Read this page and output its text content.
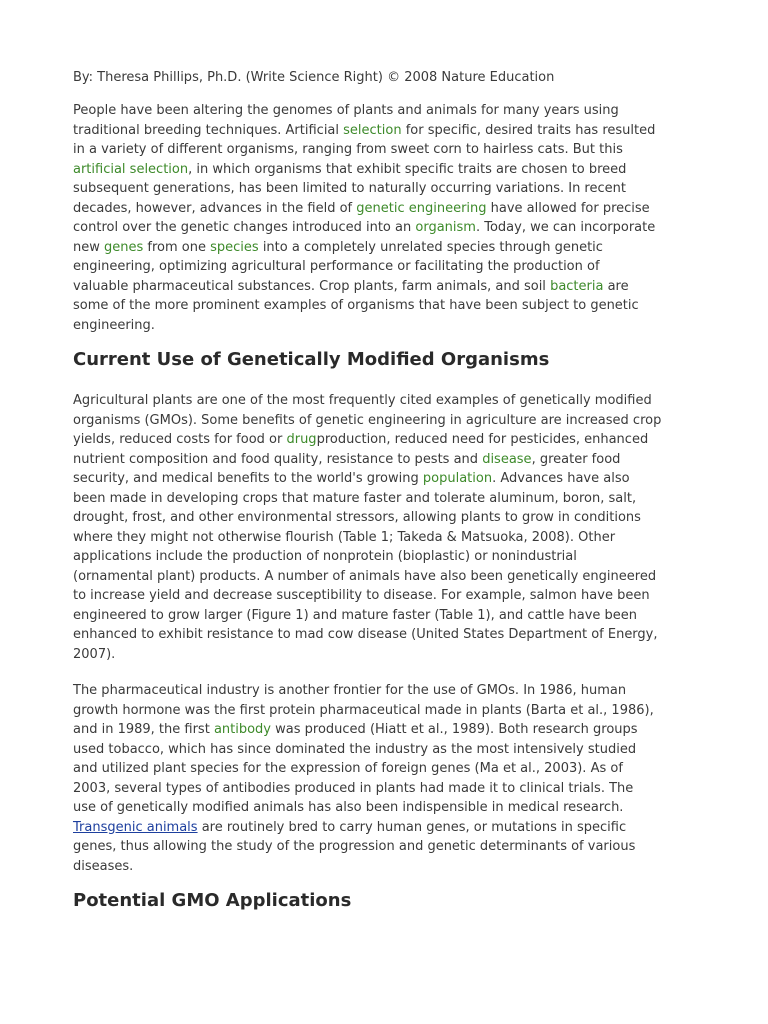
By: Theresa Phillips, Ph.D. (Write Science Right) © 2008 Nature Education
People have been altering the genomes of plants and animals for many years using
traditional breeding techniques. Artificial selection for specific, desired traits has resulted
in a variety of different organisms, ranging from sweet corn to hairless cats. But this
artificial selection, in which organisms that exhibit specific traits are chosen to breed
subsequent generations, has been limited to naturally occurring variations. In recent
decades, however, advances in the field of genetic engineering have allowed for precise
control over the genetic changes introduced into an organism. Today, we can incorporate
new genes from one species into a completely unrelated species through genetic
engineering, optimizing agricultural performance or facilitating the production of
valuable pharmaceutical substances. Crop plants, farm animals, and soil bacteria are
some of the more prominent examples of organisms that have been subject to genetic
engineering.
Current Use of Genetically Modified Organisms
Agricultural plants are one of the most frequently cited examples of genetically modified
organisms (GMOs). Some benefits of genetic engineering in agriculture are increased crop
yields, reduced costs for food or drugproduction, reduced need for pesticides, enhanced
nutrient composition and food quality, resistance to pests and disease, greater food
security, and medical benefits to the world's growing population. Advances have also
been made in developing crops that mature faster and tolerate aluminum, boron, salt,
drought, frost, and other environmental stressors, allowing plants to grow in conditions
where they might not otherwise flourish (Table 1; Takeda & Matsuoka, 2008). Other
applications include the production of nonprotein (bioplastic) or nonindustrial
(ornamental plant) products. A number of animals have also been genetically engineered
to increase yield and decrease susceptibility to disease. For example, salmon have been
engineered to grow larger (Figure 1) and mature faster (Table 1), and cattle have been
enhanced to exhibit resistance to mad cow disease (United States Department of Energy,
2007).
The pharmaceutical industry is another frontier for the use of GMOs. In 1986, human
growth hormone was the first protein pharmaceutical made in plants (Barta et al., 1986),
and in 1989, the first antibody was produced (Hiatt et al., 1989). Both research groups
used tobacco, which has since dominated the industry as the most intensively studied
and utilized plant species for the expression of foreign genes (Ma et al., 2003). As of
2003, several types of antibodies produced in plants had made it to clinical trials. The
use of genetically modified animals has also been indispensible in medical research.
Transgenic animals are routinely bred to carry human genes, or mutations in specific
genes, thus allowing the study of the progression and genetic determinants of various
diseases.
Potential GMO Applications
